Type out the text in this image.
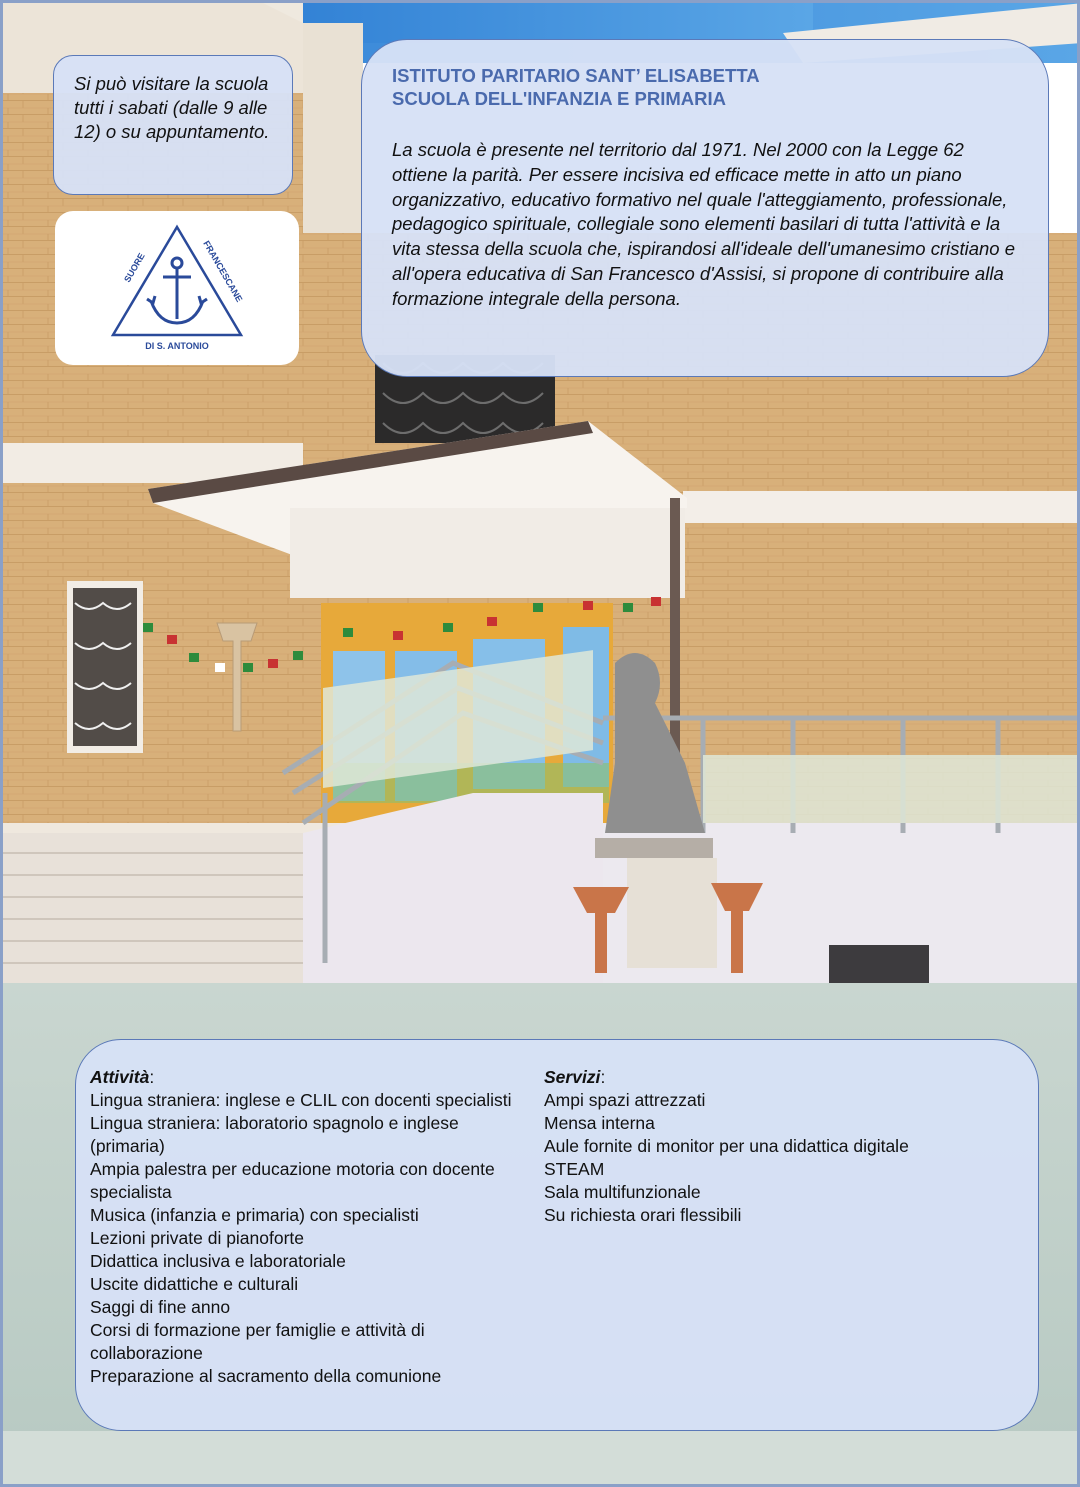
Si può visitare la scuola tutti i sabati (dalle 9 alle 12) o su appuntamento.
SUORE	FRANCESCANE
DI S. ANTONIO

ISTITUTO PARITARIO SANT’ ELISABETTA

SCUOLA DELL'INFANZIA E PRIMARIA

La scuola è presente nel territorio dal 1971. Nel 2000 con la Legge 62 ottiene la parità. Per essere incisiva ed efficace mette in atto un piano organizzativo, educativo formativo nel quale l'atteggiamento, professionale, pedagogico spirituale, collegiale sono elementi basilari di tutta l'attività e la vita stessa della scuola che, ispirandosi all'ideale dell'umanesimo cristiano e all'opera educativa di San Francesco d'Assisi, si propone di contribuire alla formazione integrale della persona.
Attività:
Lingua straniera: inglese e CLIL con docenti specialisti
Lingua straniera: laboratorio spagnolo e inglese (primaria)
Ampia palestra per educazione motoria con docente specialista
Musica (infanzia e primaria) con specialisti
Lezioni private di pianoforte
Didattica inclusiva e laboratoriale
Uscite didattiche e culturali
Saggi di fine anno
Corsi di formazione per famiglie e attività di collaborazione
Preparazione al sacramento della comunione
Servizi:
Ampi spazi attrezzati
Mensa interna
Aule fornite di monitor per una didattica digitale
STEAM
Sala multifunzionale
Su richiesta orari flessibili
